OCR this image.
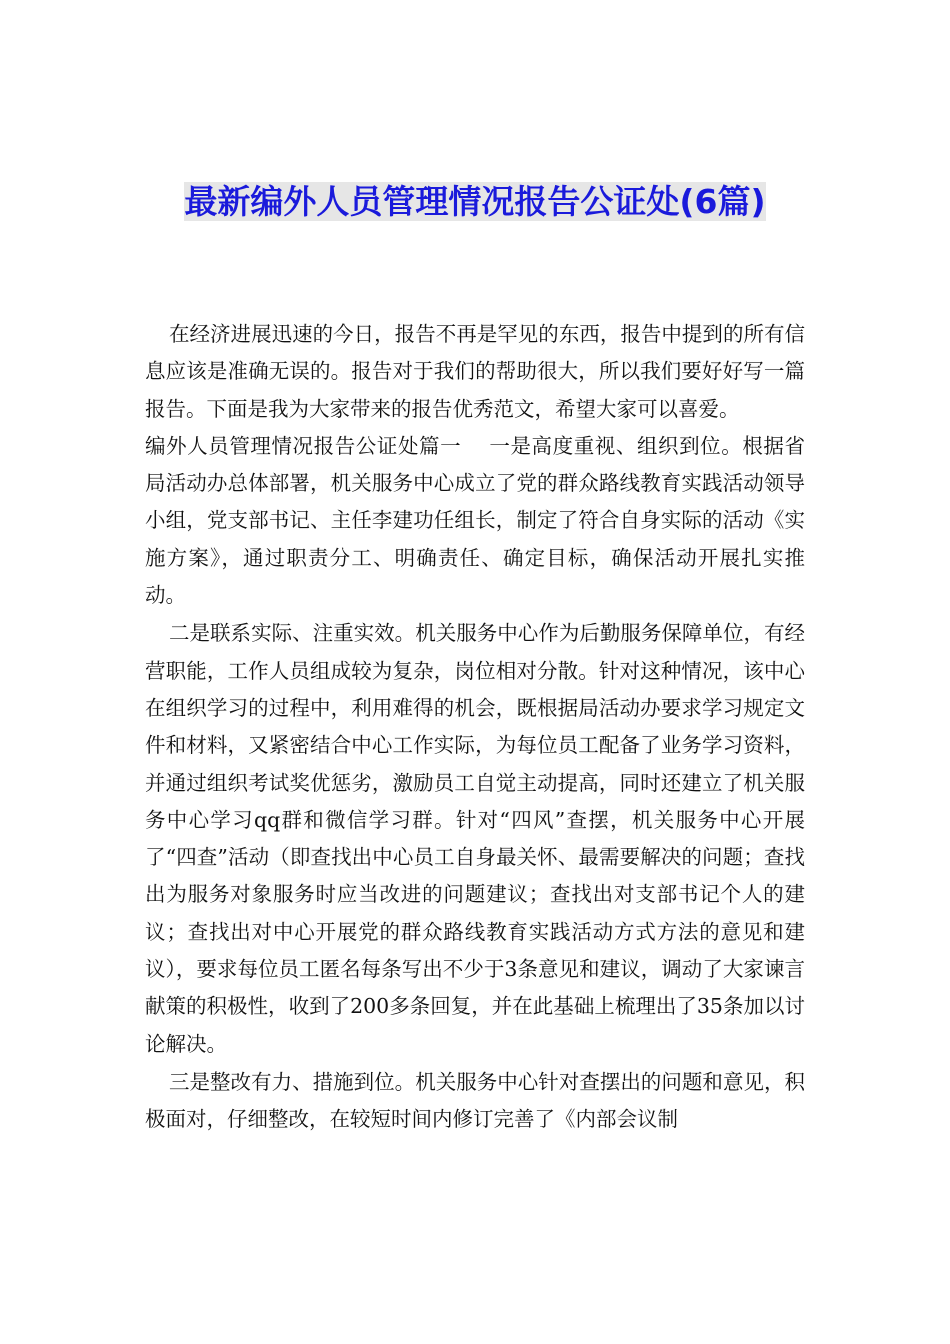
最新编外人员管理情况报告公证处(6篇)

在经济进展迅速的今日，报告不再是罕见的东西，报告中提到的所有信息应该是准确无误的。报告对于我们的帮助很大，所以我们要好好写一篇报告。下面是我为大家带来的报告优秀范文，希望大家可以喜爱。

编外人员管理情况报告公证处篇一　 一是高度重视、组织到位。根据省局活动办总体部署，机关服务中心成立了党的群众路线教育实践活动领导小组，党支部书记、主任李建功任组长，制定了符合自身实际的活动《实施方案》，通过职责分工、明确责任、确定目标，确保活动开展扎实推动。

二是联系实际、注重实效。机关服务中心作为后勤服务保障单位，有经营职能，工作人员组成较为复杂，岗位相对分散。针对这种情况，该中心在组织学习的过程中，利用难得的机会，既根据局活动办要求学习规定文件和材料，又紧密结合中心工作实际，为每位员工配备了业务学习资料，并通过组织考试奖优惩劣，激励员工自觉主动提高，同时还建立了机关服务中心学习qq群和微信学习群。针对“四风”查摆，机关服务中心开展了“四查”活动（即查找出中心员工自身最关怀、最需要解决的问题；查找出为服务对象服务时应当改进的问题建议；查找出对支部书记个人的建议；查找出对中心开展党的群众路线教育实践活动方式方法的意见和建议），要求每位员工匿名每条写出不少于3条意见和建议，调动了大家谏言献策的积极性，收到了200多条回复，并在此基础上梳理出了35条加以讨论解决。

三是整改有力、措施到位。机关服务中心针对查摆出的问题和意见，积极面对，仔细整改，在较短时间内修订完善了《内部会议制
